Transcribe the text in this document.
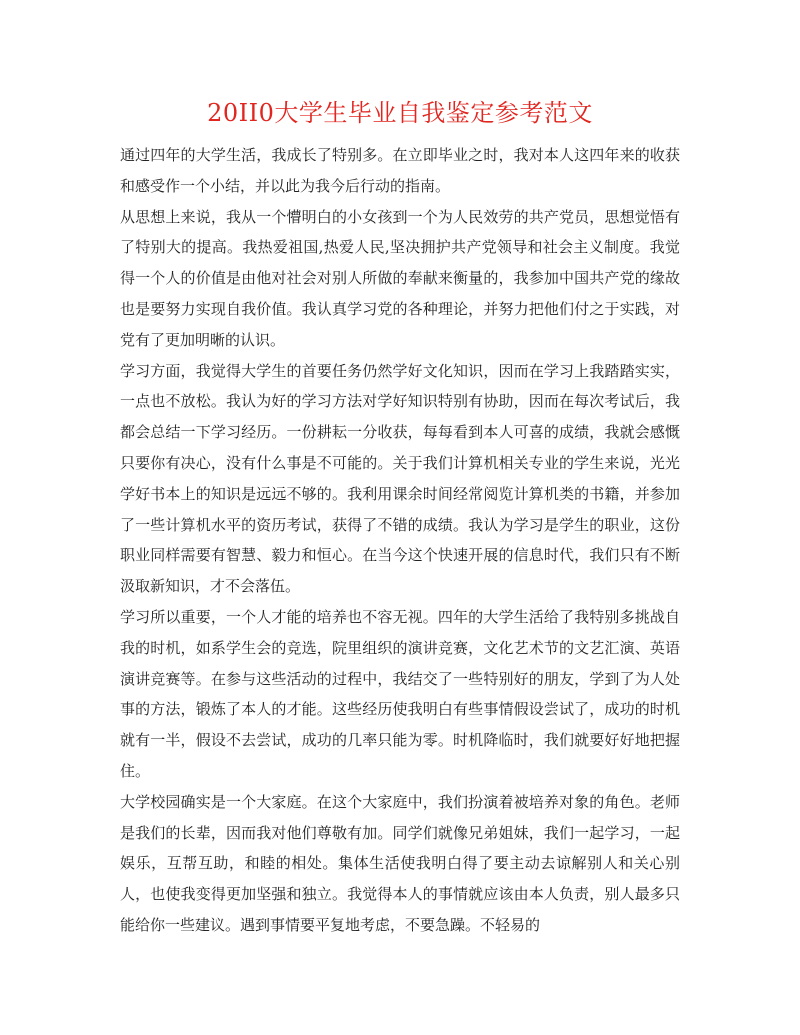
20II0大学生毕业自我鉴定参考范文

通过四年的大学生活，我成长了特别多。在立即毕业之时，我对本人这四年来的收获和感受作一个小结，并以此为我今后行动的指南。

从思想上来说，我从一个懵明白的小女孩到一个为人民效劳的共产党员，思想觉悟有了特别大的提高。我热爱祖国,热爱人民,坚决拥护共产党领导和社会主义制度。我觉得一个人的价值是由他对社会对别人所做的奉献来衡量的，我参加中国共产党的缘故也是要努力实现自我价值。我认真学习党的各种理论，并努力把他们付之于实践，对党有了更加明晰的认识。

学习方面，我觉得大学生的首要任务仍然学好文化知识，因而在学习上我踏踏实实，一点也不放松。我认为好的学习方法对学好知识特别有协助，因而在每次考试后，我都会总结一下学习经历。一份耕耘一分收获，每每看到本人可喜的成绩，我就会感慨只要你有决心，没有什么事是不可能的。关于我们计算机相关专业的学生来说，光光学好书本上的知识是远远不够的。我利用课余时间经常阅览计算机类的书籍，并参加了一些计算机水平的资历考试，获得了不错的成绩。我认为学习是学生的职业，这份职业同样需要有智慧、毅力和恒心。在当今这个快速开展的信息时代，我们只有不断汲取新知识，才不会落伍。

学习所以重要，一个人才能的培养也不容无视。四年的大学生活给了我特别多挑战自我的时机，如系学生会的竞选，院里组织的演讲竞赛，文化艺术节的文艺汇演、英语演讲竞赛等。在参与这些活动的过程中，我结交了一些特别好的朋友，学到了为人处事的方法，锻炼了本人的才能。这些经历使我明白有些事情假设尝试了，成功的时机就有一半，假设不去尝试，成功的几率只能为零。时机降临时，我们就要好好地把握住。

大学校园确实是一个大家庭。在这个大家庭中，我们扮演着被培养对象的角色。老师是我们的长辈，因而我对他们尊敬有加。同学们就像兄弟姐妹，我们一起学习，一起娱乐，互帮互助，和睦的相处。集体生活使我明白得了要主动去谅解别人和关心别人，也使我变得更加坚强和独立。我觉得本人的事情就应该由本人负责，别人最多只能给你一些建议。遇到事情要平复地考虑，不要急躁。不轻易的
